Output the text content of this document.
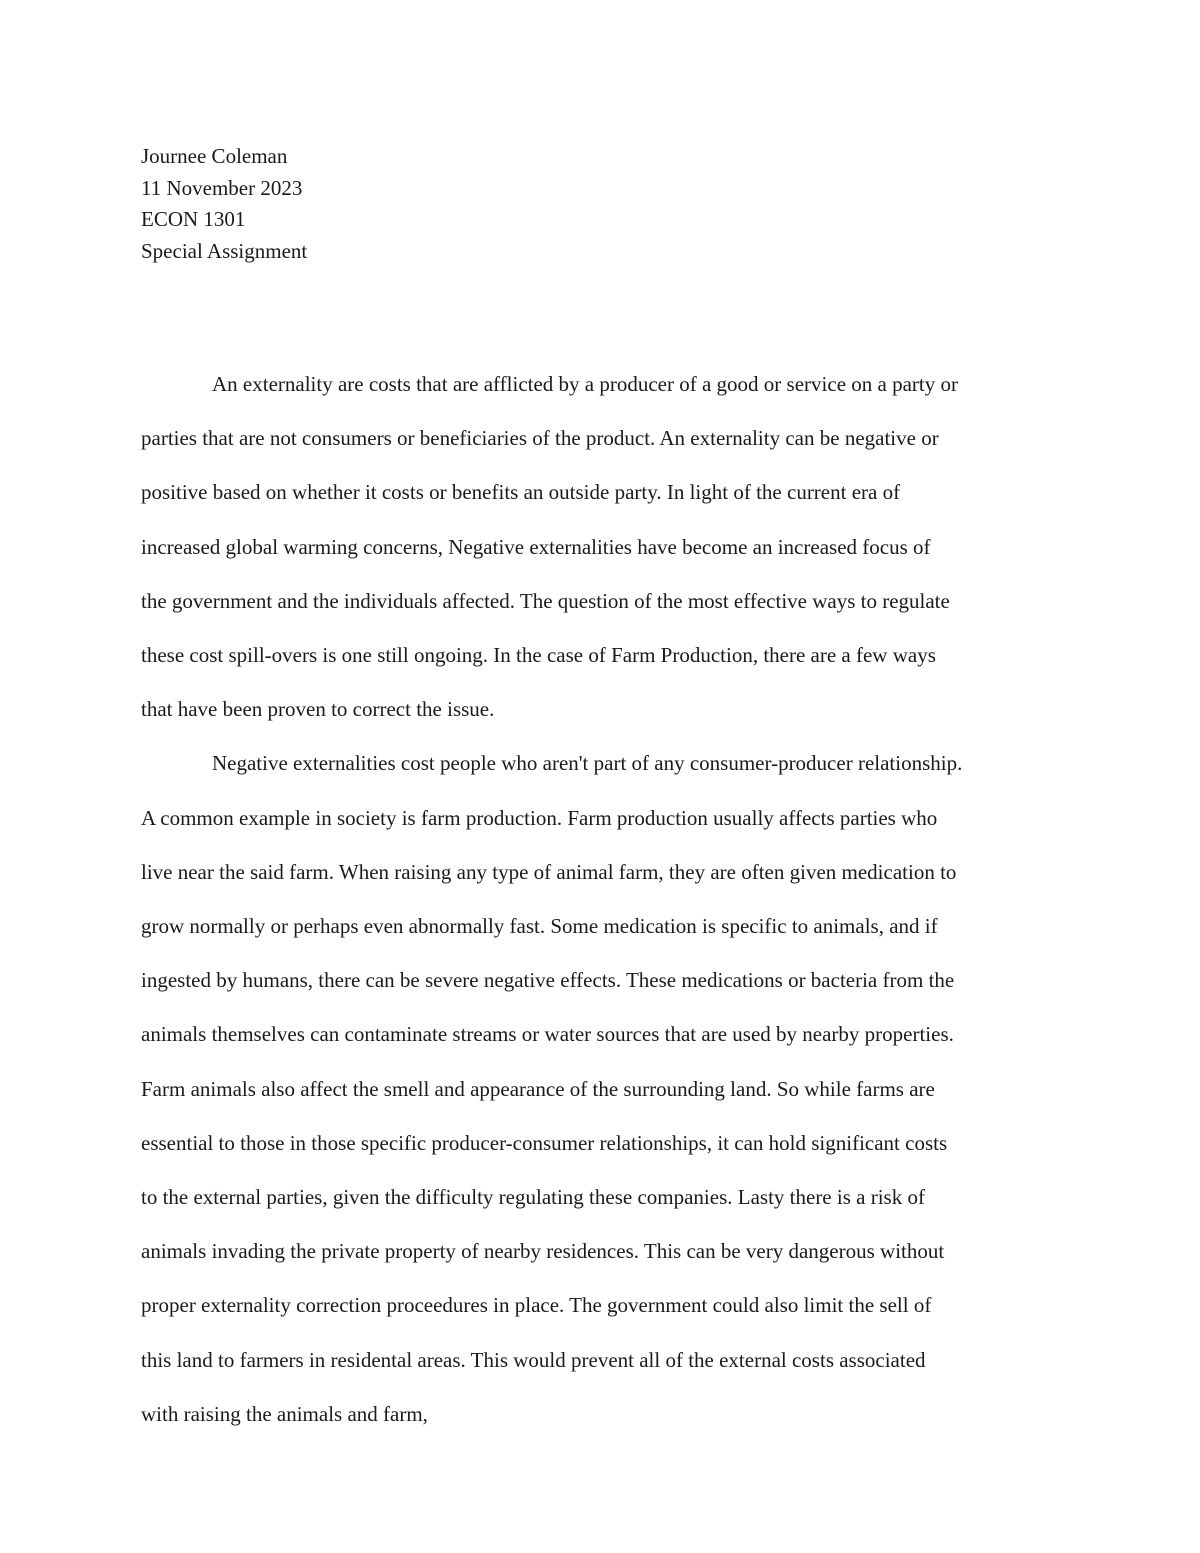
Journee Coleman
11 November 2023
ECON 1301
Special Assignment
An externality are costs that are afflicted by a producer of a good or service on a party or
parties that are not consumers or beneficiaries of the product. An externality can be negative or
positive based on whether it costs or benefits an outside party. In light of the current era of
increased global warming concerns, Negative externalities have become an increased focus of
the government and the individuals affected. The question of the most effective ways to regulate
these cost spill-overs is one still ongoing. In the case of Farm Production, there are a few ways
that have been proven to correct the issue.
Negative externalities cost people who aren't part of any consumer-producer relationship.
A common example in society is farm production. Farm production usually affects parties who
live near the said farm. When raising any type of animal farm, they are often given medication to
grow normally or perhaps even abnormally fast. Some medication is specific to animals, and if
ingested by humans, there can be severe negative effects. These medications or bacteria from the
animals themselves can contaminate streams or water sources that are used by nearby properties.
Farm animals also affect the smell and appearance of the surrounding land. So while farms are
essential to those in those specific producer-consumer relationships, it can hold significant costs
to the external parties, given the difficulty regulating these companies. Lasty there is a risk of
animals invading the private property of nearby residences. This can be very dangerous without
proper externality correction proceedures in place. The government could also limit the sell of
this land to farmers in residental areas. This would prevent all of the external costs associated
with raising the animals and farm,
